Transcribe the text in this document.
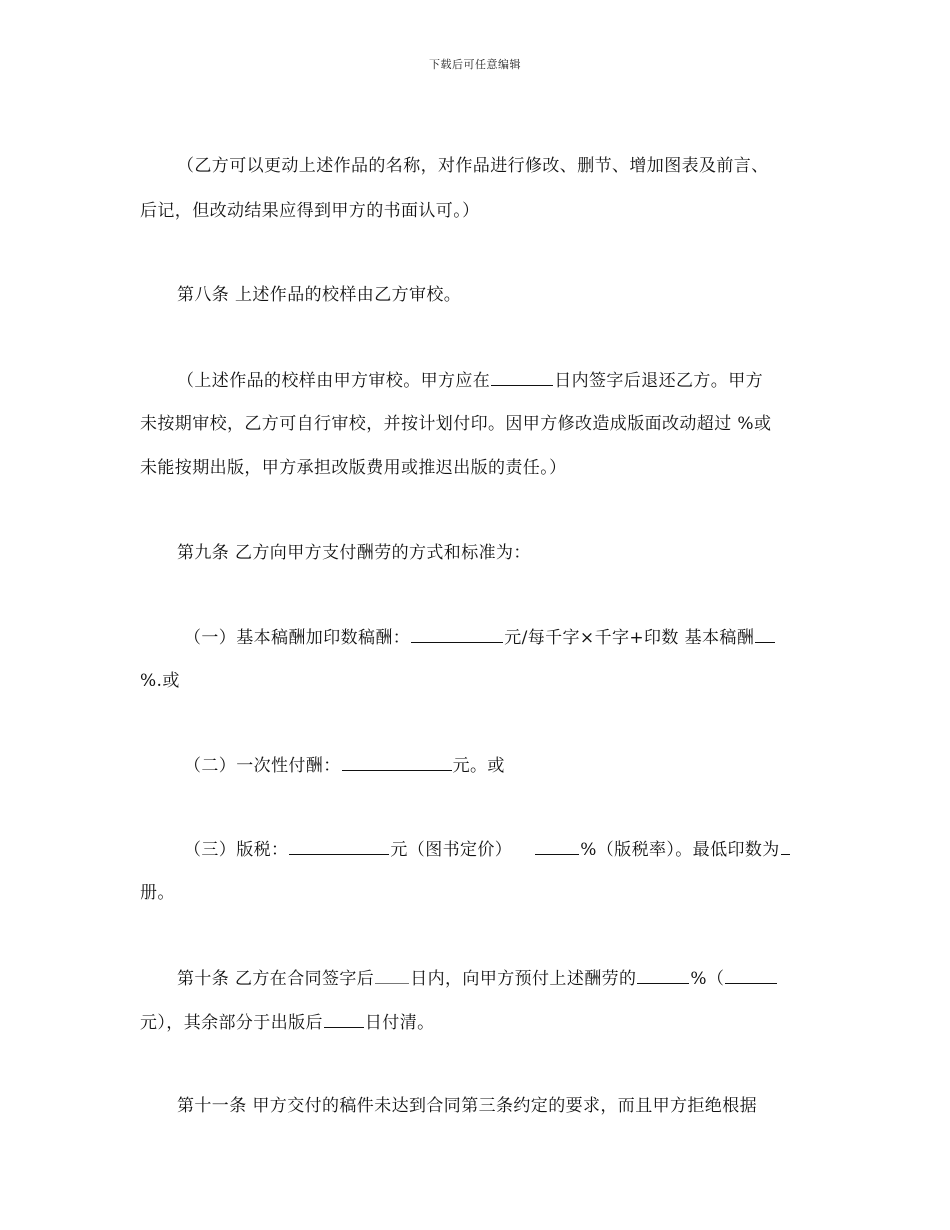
下载后可任意编辑
（乙方可以更动上述作品的名称，对作品进行修改、删节、增加图表及前言、
后记，但改动结果应得到甲方的书面认可。）
第八条 上述作品的校样由乙方审校。
（上述作品的校样由甲方审校。甲方应在	日内签字后退还乙方。甲方
未按期审校，乙方可自行审校，并按计划付印。因甲方修改造成版面改动超过 %或
未能按期出版，甲方承担改版费用或推迟出版的责任。）
第九条 乙方向甲方支付酬劳的方式和标准为：
（一）基本稿酬加印数稿酬：	元/每千字×千字+印数 基本稿酬
%.或
（二）一次性付酬：	元。或
（三）版税：	元（图书定价）	%（版税率）。最低印数为
册。
第十条 乙方在合同签字后 日内，向甲方预付上述酬劳的	%（
元），其余部分于出版后 日付清。
第十一条 甲方交付的稿件未达到合同第三条约定的要求，而且甲方拒绝根据
